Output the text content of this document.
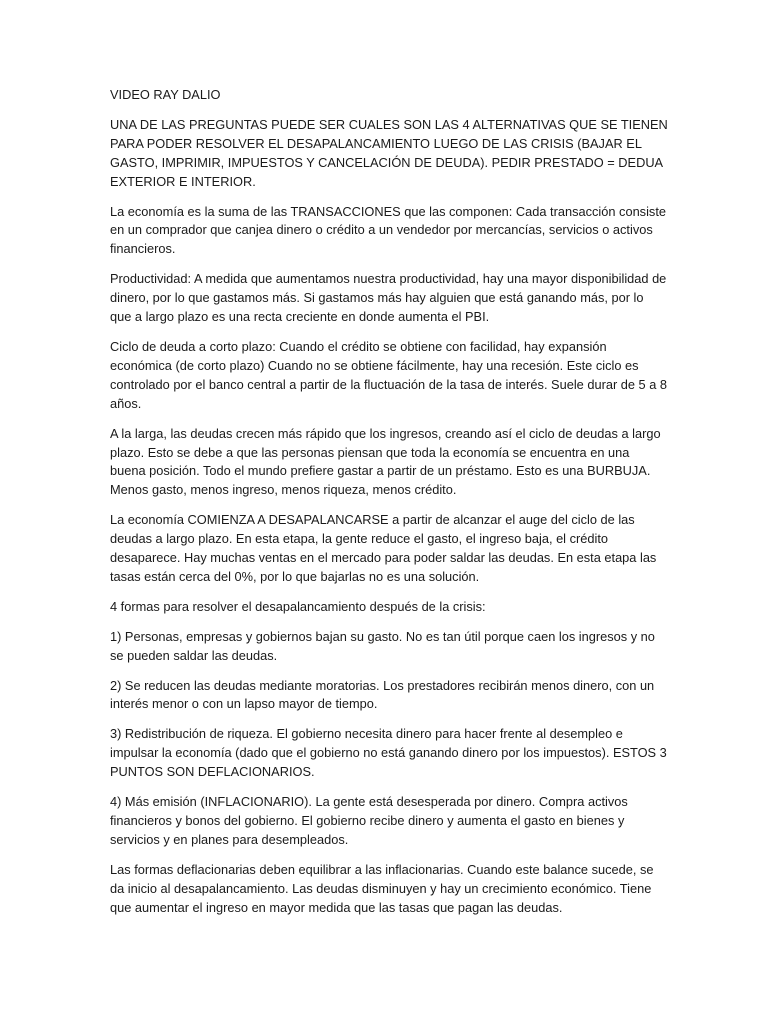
VIDEO RAY DALIO

UNA DE LAS PREGUNTAS PUEDE SER CUALES SON LAS 4 ALTERNATIVAS QUE SE TIENEN PARA PODER RESOLVER EL DESAPALANCAMIENTO LUEGO DE LAS CRISIS (BAJAR EL GASTO, IMPRIMIR, IMPUESTOS Y CANCELACIÓN DE DEUDA). PEDIR PRESTADO = DEDUA EXTERIOR E INTERIOR.

La economía es la suma de las TRANSACCIONES que las componen: Cada transacción consiste en un comprador que canjea dinero o crédito a un vendedor por mercancías, servicios o activos financieros.

Productividad: A medida que aumentamos nuestra productividad, hay una mayor disponibilidad de dinero, por lo que gastamos más. Si gastamos más hay alguien que está ganando más, por lo que a largo plazo es una recta creciente en donde aumenta el PBI.

Ciclo de deuda a corto plazo: Cuando el crédito se obtiene con facilidad, hay expansión económica (de corto plazo) Cuando no se obtiene fácilmente, hay una recesión. Este ciclo es controlado por el banco central a partir de la fluctuación de la tasa de interés. Suele durar de 5 a 8 años.

A la larga, las deudas crecen más rápido que los ingresos, creando así el ciclo de deudas a largo plazo. Esto se debe a que las personas piensan que toda la economía se encuentra en una buena posición. Todo el mundo prefiere gastar a partir de un préstamo. Esto es una BURBUJA. Menos gasto, menos ingreso, menos riqueza, menos crédito.

La economía COMIENZA A DESAPALANCARSE a partir de alcanzar el auge del ciclo de las deudas a largo plazo. En esta etapa, la gente reduce el gasto, el ingreso baja, el crédito desaparece. Hay muchas ventas en el mercado para poder saldar las deudas. En esta etapa las tasas están cerca del 0%, por lo que bajarlas no es una solución.

4 formas para resolver el desapalancamiento después de la crisis:

1) Personas, empresas y gobiernos bajan su gasto. No es tan útil porque caen los ingresos y no se pueden saldar las deudas.

2) Se reducen las deudas mediante moratorias. Los prestadores recibirán menos dinero, con un interés menor o con un lapso mayor de tiempo.

3) Redistribución de riqueza. El gobierno necesita dinero para hacer frente al desempleo e impulsar la economía (dado que el gobierno no está ganando dinero por los impuestos). ESTOS 3 PUNTOS SON DEFLACIONARIOS.

4) Más emisión (INFLACIONARIO). La gente está desesperada por dinero. Compra activos financieros y bonos del gobierno. El gobierno recibe dinero y aumenta el gasto en bienes y servicios y en planes para desempleados.

Las formas deflacionarias deben equilibrar a las inflacionarias. Cuando este balance sucede, se da inicio al desapalancamiento. Las deudas disminuyen y hay un crecimiento económico. Tiene que aumentar el ingreso en mayor medida que las tasas que pagan las deudas.
